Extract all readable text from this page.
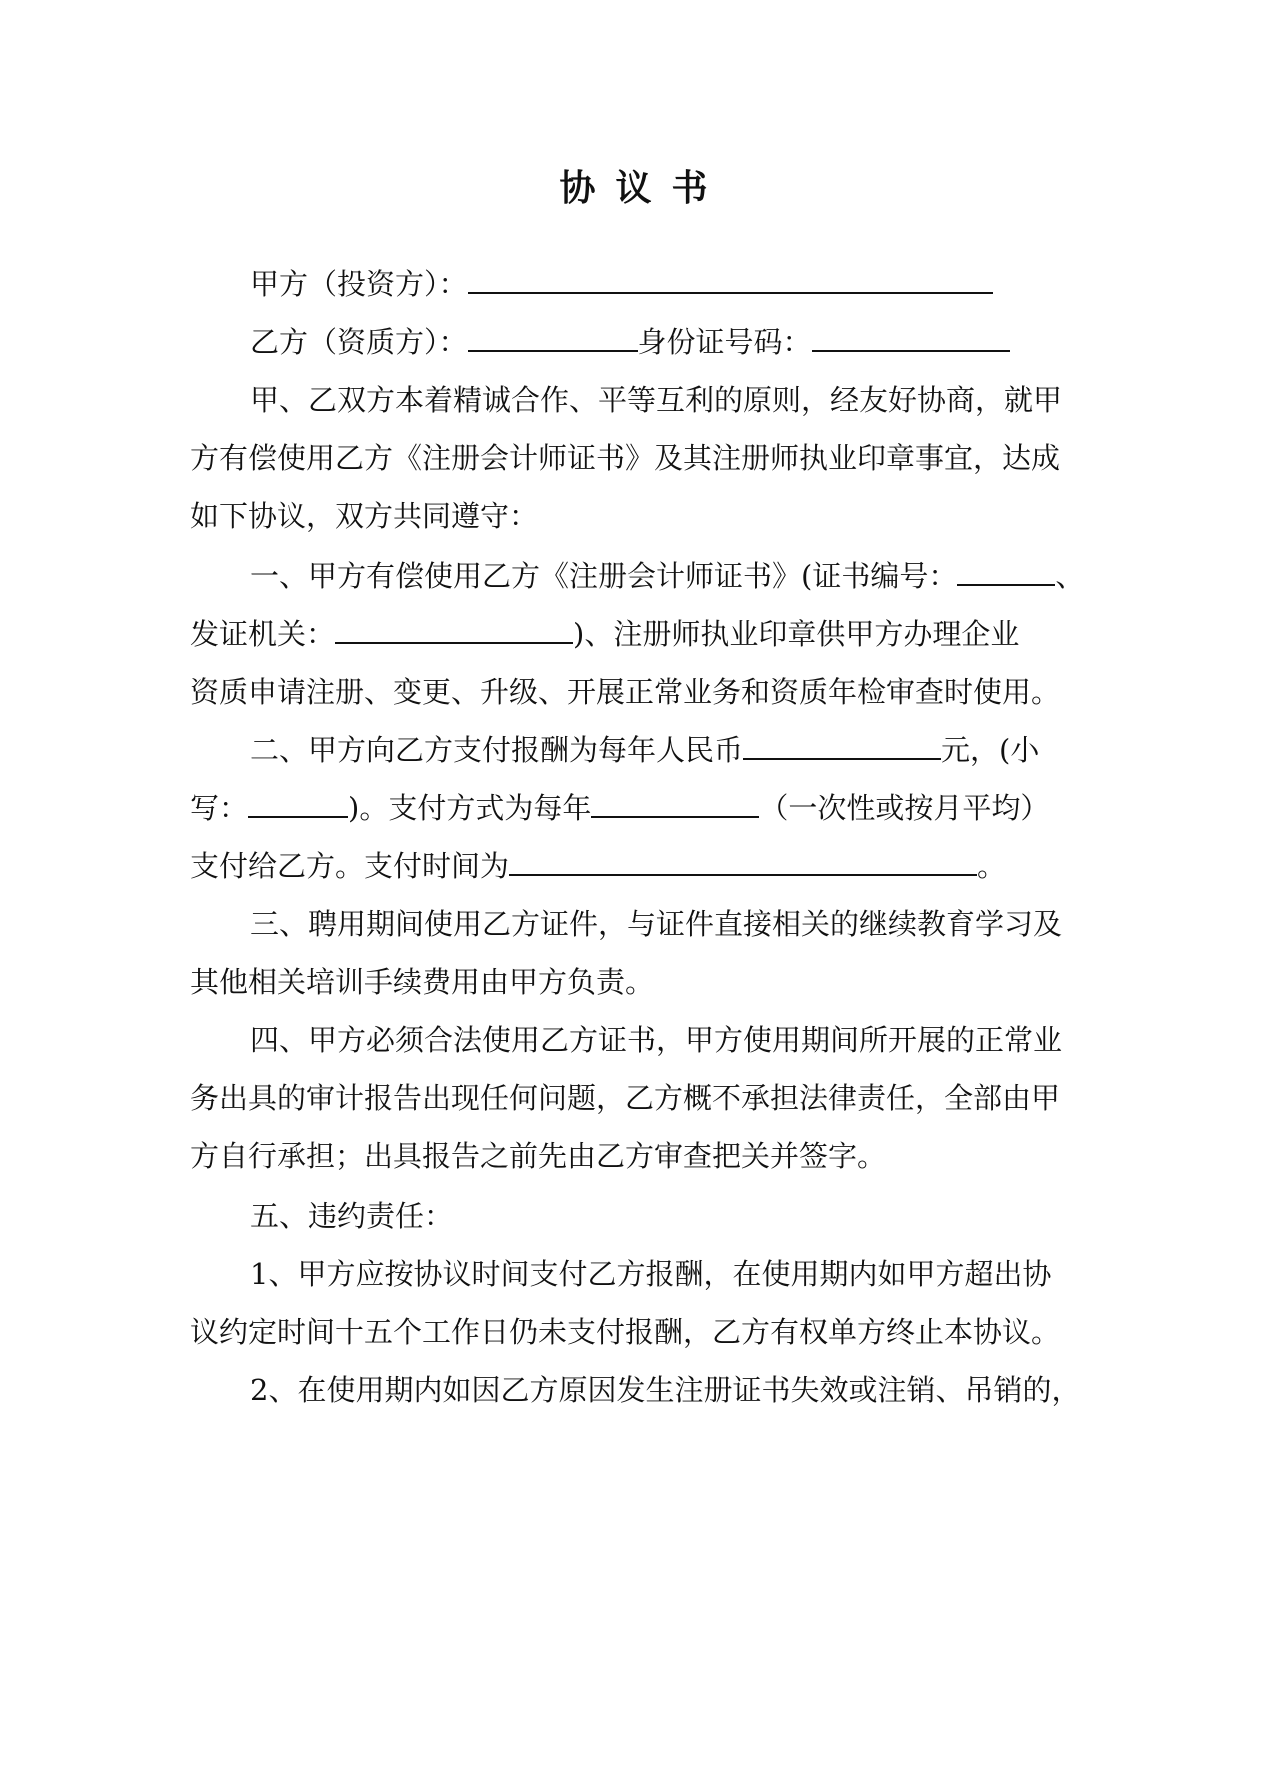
协议书
甲方（投资方）：
乙方（资质方）：	身份证号码：
甲、乙双方本着精诚合作、平等互利的原则，经友好协商，就甲
方有偿使用乙方《注册会计师证书》及其注册师执业印章事宜，达成
如下协议，双方共同遵守：
一、甲方有偿使用乙方《注册会计师证书》(证书编号：	、
发证机关：	)、注册师执业印章供甲方办理企业
资质申请注册、变更、升级、开展正常业务和资质年检审查时使用。
二、甲方向乙方支付报酬为每年人民币	元，(小
写：	)。支付方式为每年	（一次性或按月平均）
支付给乙方。支付时间为	。
三、聘用期间使用乙方证件，与证件直接相关的继续教育学习及
其他相关培训手续费用由甲方负责。
四、甲方必须合法使用乙方证书，甲方使用期间所开展的正常业
务出具的审计报告出现任何问题，乙方概不承担法律责任，全部由甲
方自行承担；出具报告之前先由乙方审查把关并签字。
五、违约责任：
1、甲方应按协议时间支付乙方报酬，在使用期内如甲方超出协
议约定时间十五个工作日仍未支付报酬，乙方有权单方终止本协议。
2、在使用期内如因乙方原因发生注册证书失效或注销、吊销的，
